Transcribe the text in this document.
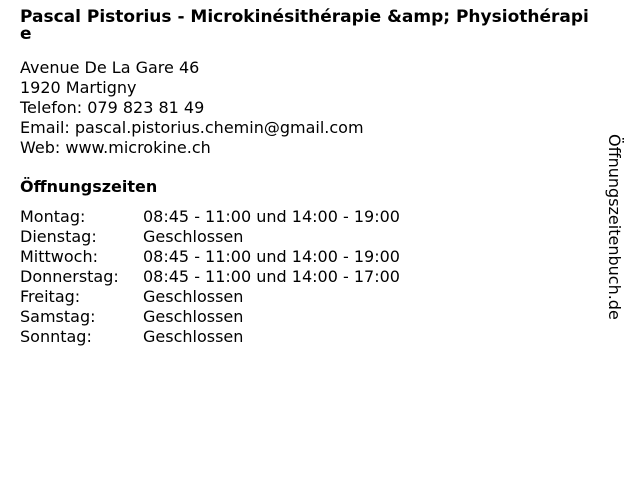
Pascal Pistorius - Microkinésithérapie &amp; Physiothérapie
Avenue De La Gare 46
1920 Martigny
Telefon: 079 823 81 49
Email: pascal.pistorius.chemin@gmail.com
Web: www.microkine.ch
Öffnungszeiten
Montag:	08:45 - 11:00 und 14:00 - 19:00
Dienstag:	Geschlossen
Mittwoch:	08:45 - 11:00 und 14:00 - 19:00
Donnerstag:	08:45 - 11:00 und 14:00 - 17:00
Freitag:	Geschlossen
Samstag:	Geschlossen
Sonntag:	Geschlossen
Öffnungszeitenbuch.de
